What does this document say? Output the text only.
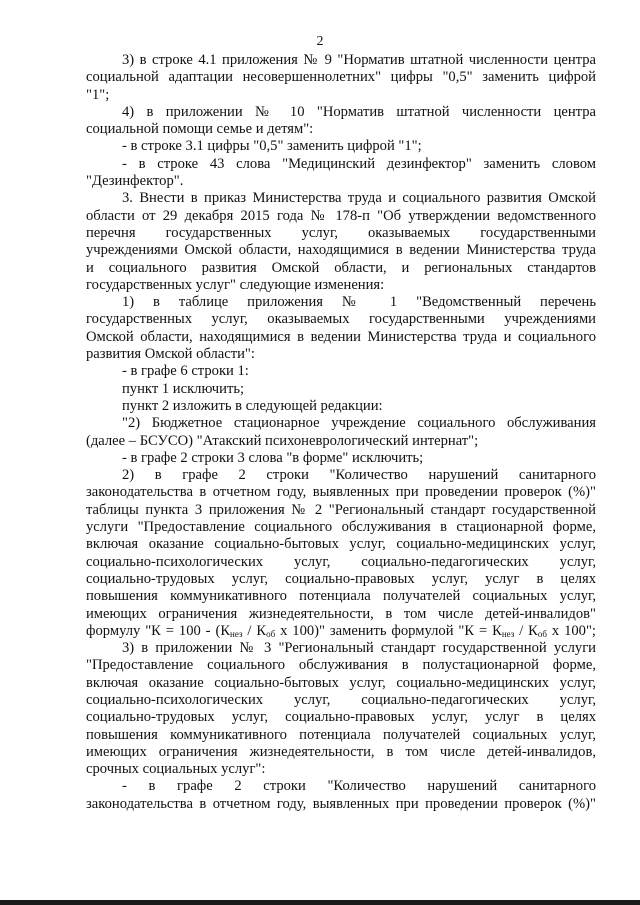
2
3) в строке 4.1 приложения № 9 "Норматив штатной численности центра
социальной адаптации несовершеннолетних" цифры "0,5" заменить цифрой
"1";
4) в приложении № 10 "Норматив штатной численности центра
социальной помощи семье и детям":
- в строке 3.1 цифры "0,5" заменить цифрой "1";
- в строке 43 слова "Медицинский дезинфектор" заменить словом
"Дезинфектор".
3. Внести в приказ Министерства труда и социального развития Омской
области от 29 декабря 2015 года № 178-п "Об утверждении ведомственного
перечня государственных услуг, оказываемых государственными
учреждениями Омской области, находящимися в ведении Министерства труда
и социального развития Омской области, и региональных стандартов
государственных услуг" следующие изменения:
1) в таблице приложения № 1 "Ведомственный перечень
государственных услуг, оказываемых государственными учреждениями
Омской области, находящимися в ведении Министерства труда и социального
развития Омской области":
- в графе 6 строки 1:
пункт 1 исключить;
пункт 2 изложить в следующей редакции:
"2) Бюджетное стационарное учреждение социального обслуживания
(далее – БСУСО) "Атакский психоневрологический интернат";
- в графе 2 строки 3 слова "в форме" исключить;
2) в графе 2 строки "Количество нарушений санитарного
законодательства в отчетном году, выявленных при проведении проверок (%)"
таблицы пункта 3 приложения № 2 "Региональный стандарт государственной
услуги "Предоставление социального обслуживания в стационарной форме,
включая оказание социально-бытовых услуг, социально-медицинских услуг,
социально-психологических услуг, социально-педагогических услуг,
социально-трудовых услуг, социально-правовых услуг, услуг в целях
повышения коммуникативного потенциала получателей социальных услуг,
имеющих ограничения жизнедеятельности, в том числе детей-инвалидов"
формулу "$К = 100 - (К_{нез} / К_{об}$ х 100)" заменить формулой "$К = К_{нез} / К_{об}$ х 100";
3) в приложении № 3 "Региональный стандарт государственной услуги
"Предоставление социального обслуживания в полустационарной форме,
включая оказание социально-бытовых услуг, социально-медицинских услуг,
социально-психологических услуг, социально-педагогических услуг,
социально-трудовых услуг, социально-правовых услуг, услуг в целях
повышения коммуникативного потенциала получателей социальных услуг,
имеющих ограничения жизнедеятельности, в том числе детей-инвалидов,
срочных социальных услуг":
- в графе 2 строки "Количество нарушений санитарного
законодательства в отчетном году, выявленных при проведении проверок (%)"
